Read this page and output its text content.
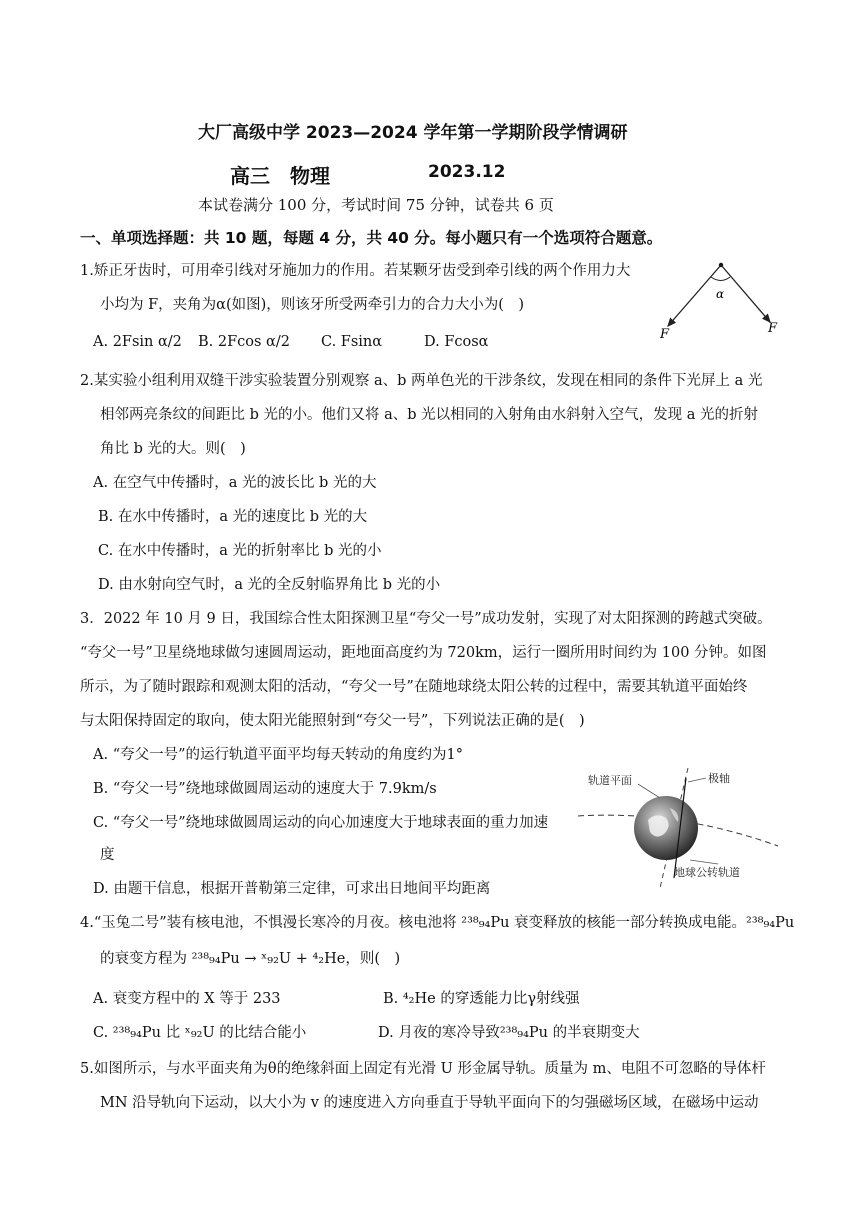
大厂高级中学 2023—2024 学年第一学期阶段学情调研
高三　物理	2023.12
本试卷满分 100 分，考试时间 75 分钟，试卷共 6 页
一、单项选择题：共 10 题，每题 4 分，共 40 分。每小题只有一个选项符合题意。
1.矫正牙齿时，可用牵引线对牙施加力的作用。若某颗牙齿受到牵引线的两个作用力大
小均为 F，夹角为α(如图)，则该牙所受两牵引力的合力大小为(　)
A. 2Fsin α/2 B. 2Fcos α/2 C. Fsinα	D. Fcosα
α
F	F
2.某实验小组利用双缝干涉实验装置分别观察 a、b 两单色光的干涉条纹，发现在相同的条件下光屏上 a 光
相邻两亮条纹的间距比 b 光的小。他们又将 a、b 光以相同的入射角由水斜射入空气，发现 a 光的折射
角比 b 光的大。则(　)
A. 在空气中传播时，a 光的波长比 b 光的大
B. 在水中传播时，a 光的速度比 b 光的大
C. 在水中传播时，a 光的折射率比 b 光的小
D. 由水射向空气时，a 光的全反射临界角比 b 光的小
3．2022 年 10 月 9 日，我国综合性太阳探测卫星“夸父一号”成功发射，实现了对太阳探测的跨越式突破。
“夸父一号”卫星绕地球做匀速圆周运动，距地面高度约为 720km，运行一圈所用时间约为 100 分钟。如图
所示，为了随时跟踪和观测太阳的活动，“夸父一号”在随地球绕太阳公转的过程中，需要其轨道平面始终
与太阳保持固定的取向，使太阳光能照射到“夸父一号”，下列说法正确的是(　)
A. “夸父一号”的运行轨道平面平均每天转动的角度约为1°
B. “夸父一号”绕地球做圆周运动的速度大于 7.9km/s
C. “夸父一号”绕地球做圆周运动的向心加速度大于地球表面的重力加速
度
D. 由题干信息，根据开普勒第三定律，可求出日地间平均距离
轨道平面	极轴
地球公转轨道
4.“玉兔二号”装有核电池，不惧漫长寒冷的月夜。核电池将 ²³⁸₉₄Pu 衰变释放的核能一部分转换成电能。²³⁸₉₄Pu
的衰变方程为 ²³⁸₉₄Pu → ˣ₉₂U + ⁴₂He，则(　)
A. 衰变方程中的 X 等于 233	B. ⁴₂He 的穿透能力比γ射线强
C. ²³⁸₉₄Pu 比 ˣ₉₂U 的比结合能小	D. 月夜的寒冷导致²³⁸₉₄Pu 的半衰期变大
5.如图所示，与水平面夹角为θ的绝缘斜面上固定有光滑 U 形金属导轨。质量为 m、电阻不可忽略的导体杆
MN 沿导轨向下运动，以大小为 v 的速度进入方向垂直于导轨平面向下的匀强磁场区域，在磁场中运动
